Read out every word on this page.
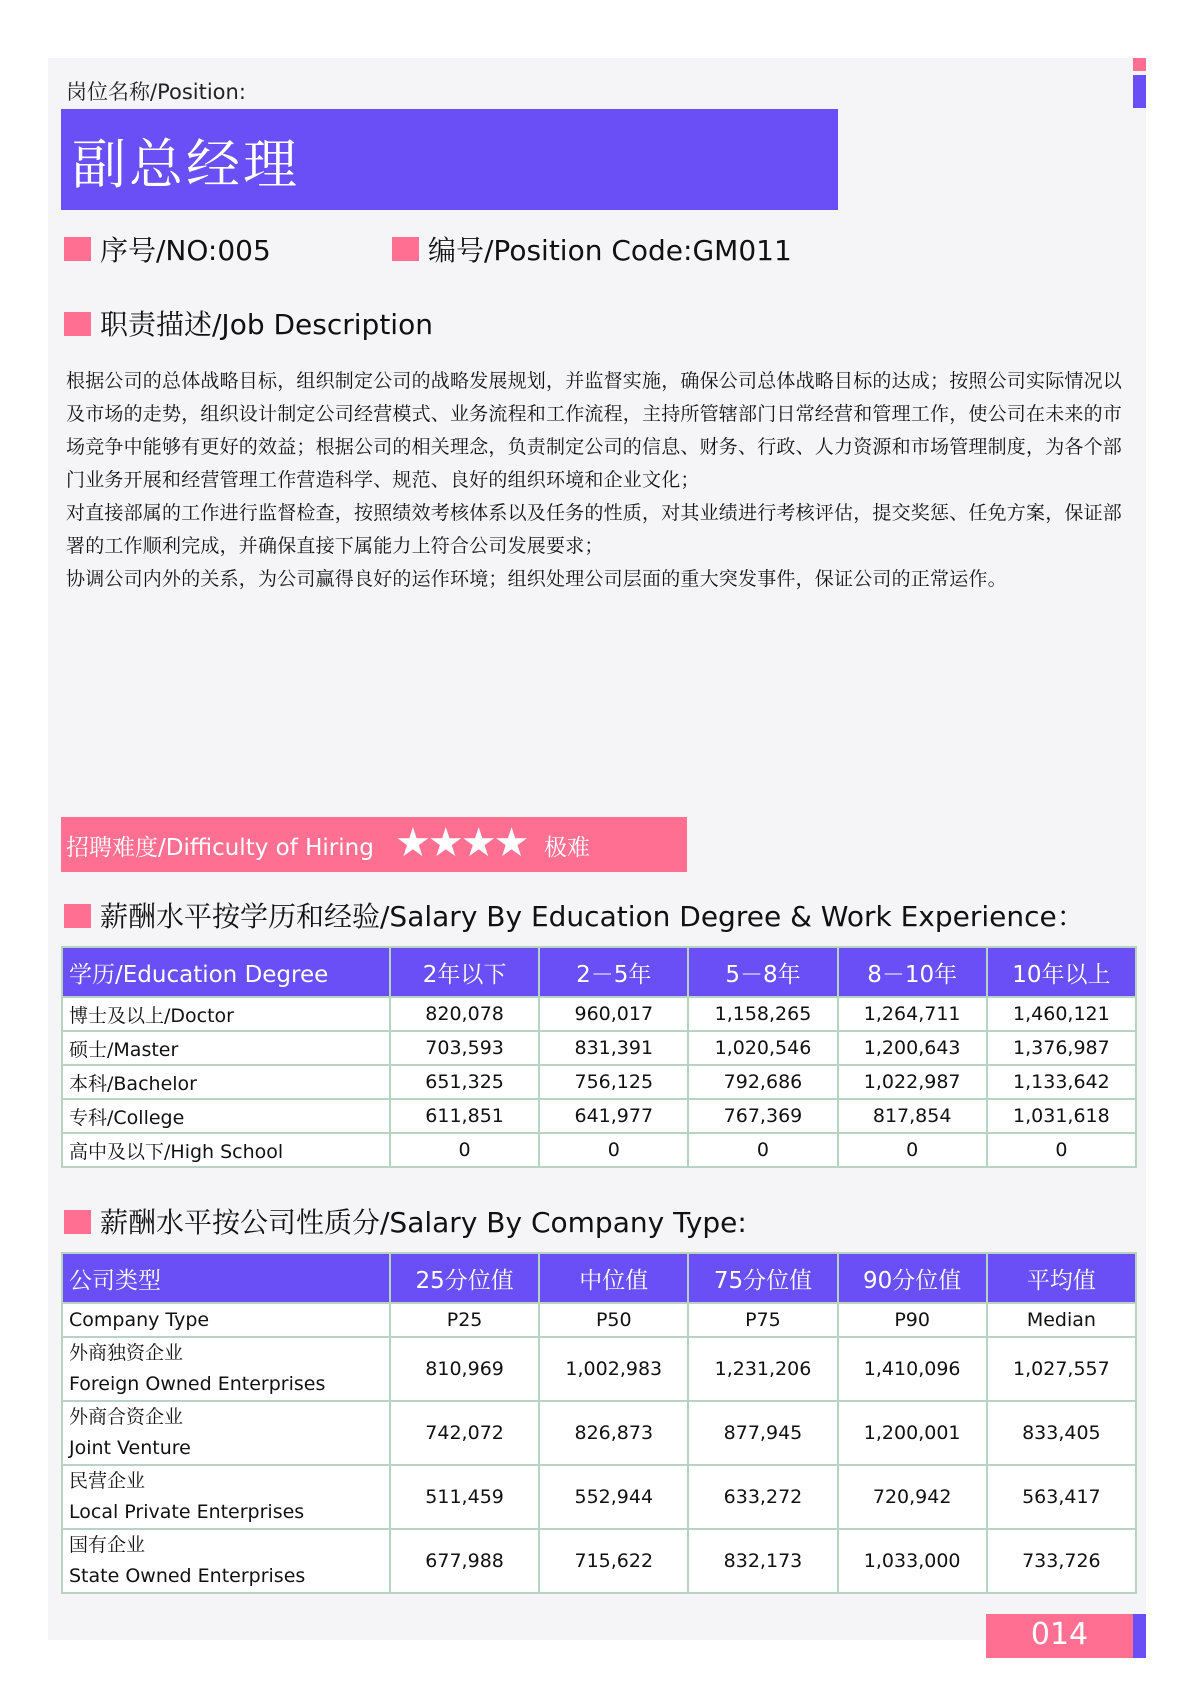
岗位名称/Position:
副总经理
序号/NO:005	编号/Position Code:GM011
职责描述/Job Description

根据公司的总体战略目标，组织制定公司的战略发展规划，并监督实施，确保公司总体战略目标的达成；按照公司实际情况以及市场的走势，组织设计制定公司经营模式、业务流程和工作流程，主持所管辖部门日常经营和管理工作，使公司在未来的市场竞争中能够有更好的效益；根据公司的相关理念，负责制定公司的信息、财务、行政、人力资源和市场管理制度，为各个部门业务开展和经营管理工作营造科学、规范、良好的组织环境和企业文化；

对直接部属的工作进行监督检查，按照绩效考核体系以及任务的性质，对其业绩进行考核评估，提交奖惩、任免方案，保证部署的工作顺利完成，并确保直接下属能力上符合公司发展要求；

协调公司内外的关系，为公司赢得良好的运作环境；组织处理公司层面的重大突发事件，保证公司的正常运作。

招聘难度/Difficulty of Hiring ★★★★ 极难
薪酬水平按学历和经验/Salary By Education Degree & Work Experience：
学历/Education Degree	2年以下	2－5年	5－8年	8－10年	10年以上
博士及以上/Doctor	820,078	960,017	1,158,265	1,264,711	1,460,121
硕士/Master	703,593	831,391	1,020,546	1,200,643	1,376,987
本科/Bachelor	651,325	756,125	792,686	1,022,987	1,133,642
专科/College	611,851	641,977	767,369	817,854	1,031,618
高中及以下/High School	0	0	0	0	0
薪酬水平按公司性质分/Salary By Company Type:
公司类型	25分位值	中位值	75分位值	90分位值	平均值
Company Type	P25	P50	P75	P90	Median

外商独资企业
Foreign Owned Enterprises	810,969	1,002,983	1,231,206	1,410,096	1,027,557

外商合资企业
Joint Venture	742,072	826,873	877,945	1,200,001	833,405

民营企业
Local Private Enterprises	511,459	552,944	633,272	720,942	563,417

国有企业
State Owned Enterprises	677,988	715,622	832,173	1,033,000	733,726
014
